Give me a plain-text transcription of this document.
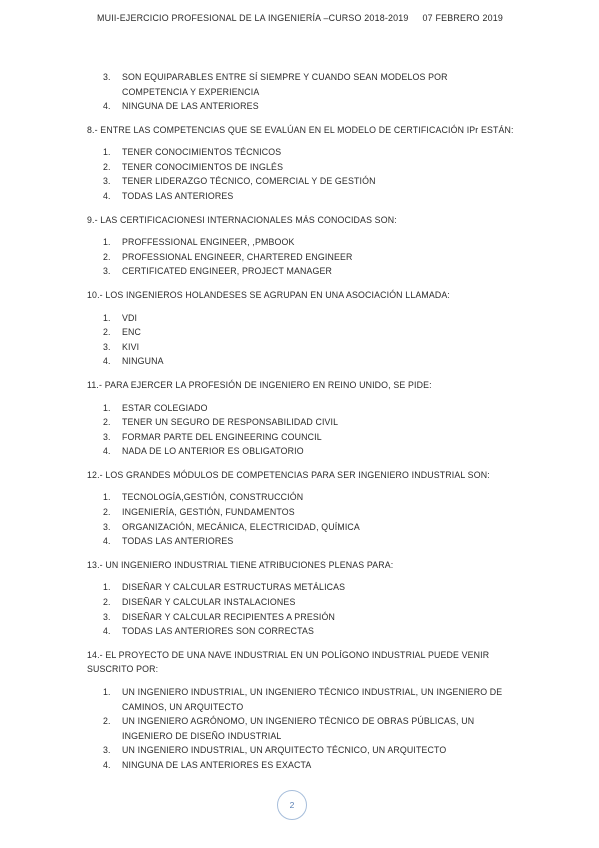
MUII-EJERCICIO PROFESIONAL DE LA INGENIERÍA –CURSO 2018-2019 07 FEBRERO 2019
3. SON EQUIPARABLES ENTRE SÍ SIEMPRE Y CUANDO SEAN MODELOS POR COMPETENCIA Y EXPERIENCIA
4. NINGUNA DE LAS ANTERIORES
8.- ENTRE LAS COMPETENCIAS QUE SE EVALÚAN EN EL MODELO DE CERTIFICACIÓN IPr ESTÁN:
1. TENER CONOCIMIENTOS TÉCNICOS
2. TENER CONOCIMIENTOS DE INGLÉS
3. TENER LIDERAZGO TÉCNICO, COMERCIAL Y DE GESTIÓN
4. TODAS LAS ANTERIORES
9.- LAS CERTIFICACIONESI INTERNACIONALES MÁS CONOCIDAS SON:
1. PROFFESSIONAL ENGINEER, ,PMBOOK
2. PROFESSIONAL ENGINEER, CHARTERED ENGINEER
3. CERTIFICATED ENGINEER, PROJECT MANAGER
10.- LOS INGENIEROS HOLANDESES SE AGRUPAN EN UNA ASOCIACIÓN LLAMADA:
1. VDI
2. ENC
3. KIVI
4. NINGUNA
11.- PARA EJERCER LA PROFESIÓN DE INGENIERO EN REINO UNIDO, SE PIDE:
1. ESTAR COLEGIADO
2. TENER UN SEGURO DE RESPONSABILIDAD CIVIL
3. FORMAR PARTE DEL ENGINEERING COUNCIL
4. NADA DE LO ANTERIOR ES OBLIGATORIO
12.- LOS GRANDES MÓDULOS DE COMPETENCIAS PARA SER INGENIERO INDUSTRIAL SON:
1. TECNOLOGÍA,GESTIÓN, CONSTRUCCIÓN
2. INGENIERÍA, GESTIÓN, FUNDAMENTOS
3. ORGANIZACIÓN, MECÁNICA, ELECTRICIDAD, QUÍMICA
4. TODAS LAS ANTERIORES
13.- UN INGENIERO INDUSTRIAL TIENE ATRIBUCIONES PLENAS PARA:
1. DISEÑAR Y CALCULAR ESTRUCTURAS METÁLICAS
2. DISEÑAR Y CALCULAR INSTALACIONES
3. DISEÑAR Y CALCULAR RECIPIENTES A PRESIÓN
4. TODAS LAS ANTERIORES SON CORRECTAS
14.- EL PROYECTO DE UNA NAVE INDUSTRIAL EN UN POLÍGONO INDUSTRIAL PUEDE VENIR SUSCRITO POR:
1. UN INGENIERO INDUSTRIAL, UN INGENIERO TÉCNICO INDUSTRIAL, UN INGENIERO DE CAMINOS, UN ARQUITECTO
2. UN INGENIERO AGRÓNOMO, UN INGENIERO TÉCNICO DE OBRAS PÚBLICAS, UN INGENIERO DE DISEÑO INDUSTRIAL
3. UN INGENIERO INDUSTRIAL, UN ARQUITECTO TÉCNICO, UN ARQUITECTO
4. NINGUNA DE LAS ANTERIORES ES EXACTA
2
